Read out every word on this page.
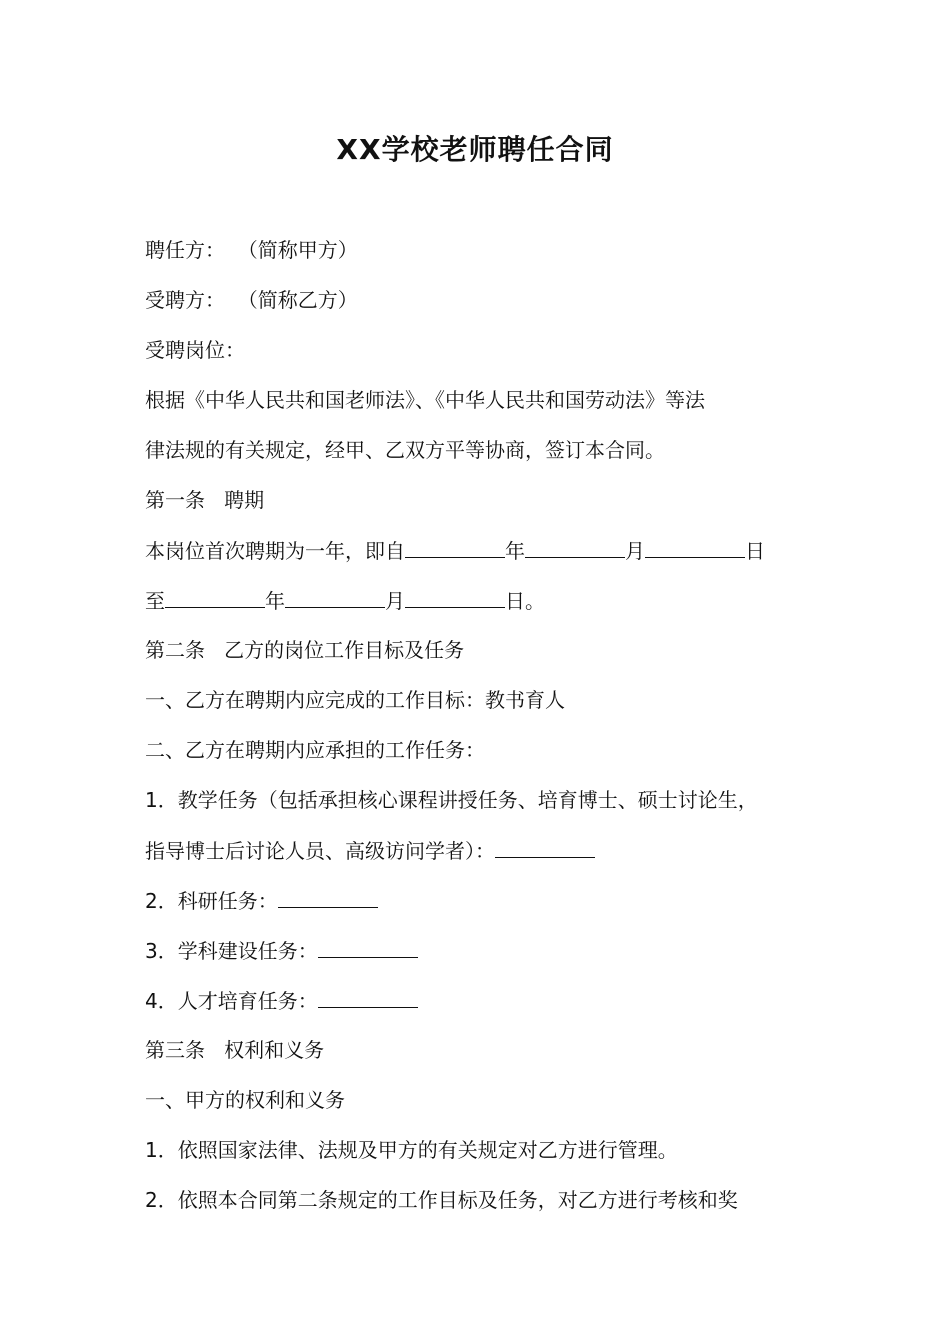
XX学校老师聘任合同
聘任方：  （简称甲方）
受聘方：  （简称乙方）
受聘岗位：
根据《中华人民共和国老师法》、《中华人民共和国劳动法》等法
律法规的有关规定，经甲、乙双方平等协商，签订本合同。
第一条   聘期
本岗位首次聘期为一年，即自	年	月	日
至	年	月	日。
第二条   乙方的岗位工作目标及任务
一、乙方在聘期内应完成的工作目标：教书育人
二、乙方在聘期内应承担的工作任务：
1．教学任务（包括承担核心课程讲授任务、培育博士、硕士讨论生，
指导博士后讨论人员、高级访问学者）：
2．科研任务：
3．学科建设任务：
4．人才培育任务：
第三条   权利和义务
一、甲方的权利和义务
1．依照国家法律、法规及甲方的有关规定对乙方进行管理。
2．依照本合同第二条规定的工作目标及任务，对乙方进行考核和奖
